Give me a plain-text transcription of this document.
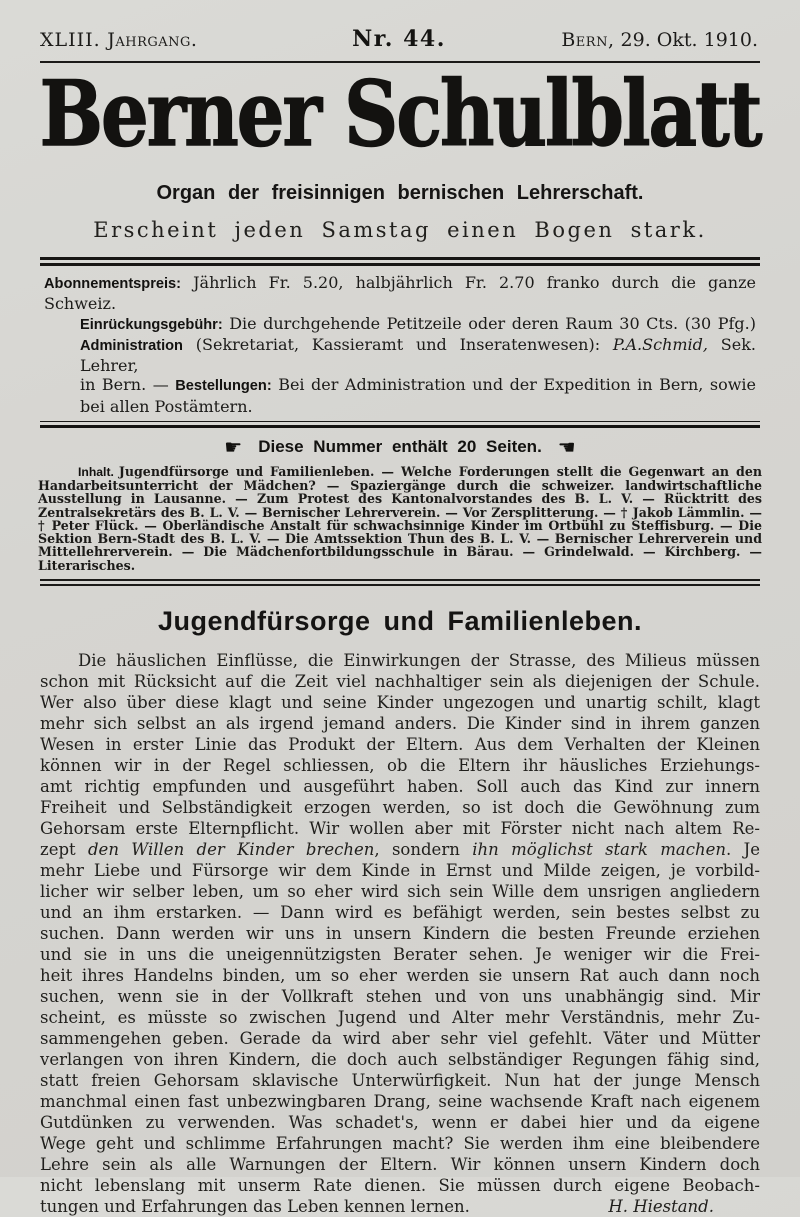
XLIII. Jahrgang.	Nr. 44.	Bern, 29. Okt. 1910.
Berner Schulblatt
Organ der freisinnigen bernischen Lehrerschaft.
Erscheint jeden Samstag einen Bogen stark.
Abonnementspreis: Jährlich Fr. 5.20, halbjährlich Fr. 2.70 franko durch die ganze Schweiz.
Einrückungsgebühr: Die durchgehende Petitzeile oder deren Raum 30 Cts. (30 Pfg.)
Administration (Sekretariat, Kassieramt und Inseratenwesen): P.A.Schmid, Sek. Lehrer,
in Bern. — Bestellungen: Bei der Administration und der Expedition in Bern, sowie
bei allen Postämtern.
☛ Diese Nummer enthält 20 Seiten. ☚

Inhalt. Jugendfürsorge und Familienleben. — Welche Forderungen stellt die Gegenwart an den Handarbeitsunterricht der Mädchen? — Spaziergänge durch die schweizer. landwirtschaftliche Ausstellung in Lausanne. — Zum Protest des Kantonalvorstandes des B. L. V. — Rücktritt des Zentralsekretärs des B. L. V. — Bernischer Lehrerverein. — Vor Zersplitterung. — † Jakob Lämmlin. — † Peter Flück. — Oberländische Anstalt für schwachsinnige Kinder im Ortbühl zu Steffisburg. — Die Sektion Bern-Stadt des B. L. V. — Die Amtssektion Thun des B. L. V. — Bernischer Lehrerverein und Mittellehrerverein. — Die Mädchenfortbildungsschule in Bärau. — Grindelwald. — Kirchberg. — Literarisches.

Jugendfürsorge und Familienleben.
Die häuslichen Einflüsse, die Einwirkungen der Strasse, des Milieus müssen
schon mit Rücksicht auf die Zeit viel nachhaltiger sein als diejenigen der Schule.
Wer also über diese klagt und seine Kinder ungezogen und unartig schilt, klagt
mehr sich selbst an als irgend jemand anders. Die Kinder sind in ihrem ganzen
Wesen in erster Linie das Produkt der Eltern. Aus dem Verhalten der Kleinen
können wir in der Regel schliessen, ob die Eltern ihr häusliches Erziehungs-
amt richtig empfunden und ausgeführt haben. Soll auch das Kind zur innern
Freiheit und Selbständigkeit erzogen werden, so ist doch die Gewöhnung zum
Gehorsam erste Elternpflicht. Wir wollen aber mit Förster nicht nach altem Re-
zept den Willen der Kinder brechen, sondern ihn möglichst stark machen. Je
mehr Liebe und Fürsorge wir dem Kinde in Ernst und Milde zeigen, je vorbild-
licher wir selber leben, um so eher wird sich sein Wille dem unsrigen angliedern
und an ihm erstarken. — Dann wird es befähigt werden, sein bestes selbst zu
suchen. Dann werden wir uns in unsern Kindern die besten Freunde erziehen
und sie in uns die uneigennützigsten Berater sehen. Je weniger wir die Frei-
heit ihres Handelns binden, um so eher werden sie unsern Rat auch dann noch
suchen, wenn sie in der Vollkraft stehen und von uns unabhängig sind. Mir
scheint, es müsste so zwischen Jugend und Alter mehr Verständnis, mehr Zu-
sammengehen geben. Gerade da wird aber sehr viel gefehlt. Väter und Mütter
verlangen von ihren Kindern, die doch auch selbständiger Regungen fähig sind,
statt freien Gehorsam sklavische Unterwürfigkeit. Nun hat der junge Mensch
manchmal einen fast unbezwingbaren Drang, seine wachsende Kraft nach eigenem
Gutdünken zu verwenden. Was schadet's, wenn er dabei hier und da eigene
Wege geht und schlimme Erfahrungen macht? Sie werden ihm eine bleibendere
Lehre sein als alle Warnungen der Eltern. Wir können unsern Kindern doch
nicht lebenslang mit unserm Rate dienen. Sie müssen durch eigene Beobach-
tungen und Erfahrungen das Leben kennen lernen.	H. Hiestand.
